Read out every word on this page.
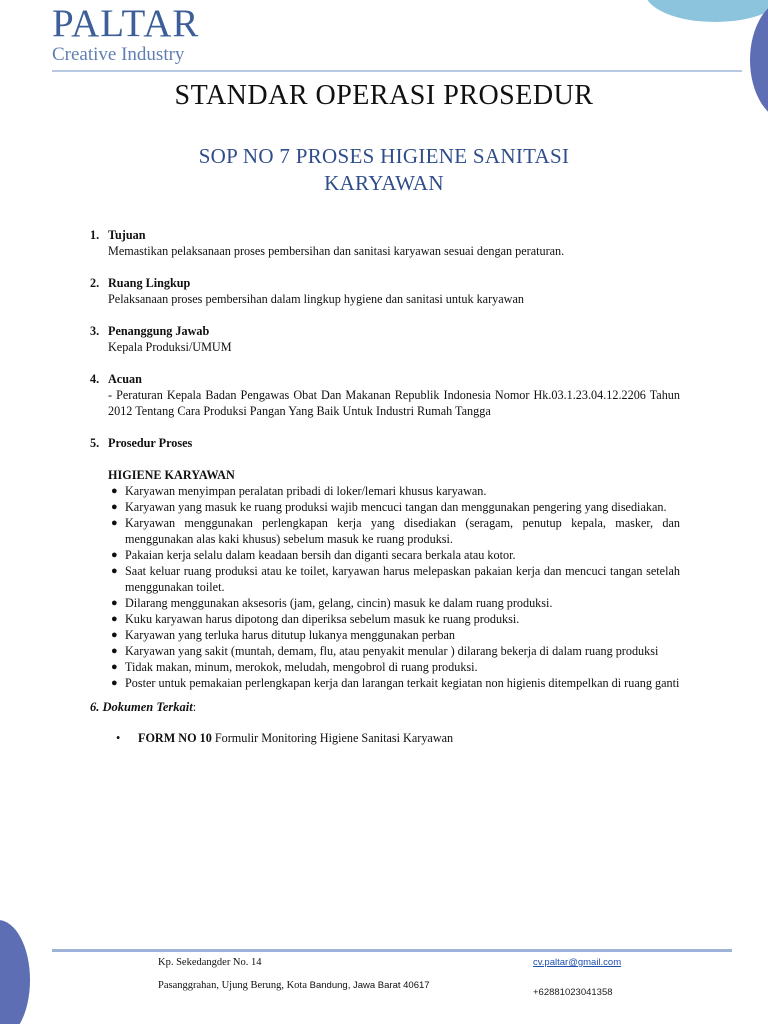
PALTAR
Creative Industry
STANDAR OPERASI PROSEDUR
SOP NO 7 PROSES HIGIENE SANITASI
KARYAWAN
1. Tujuan
Memastikan pelaksanaan proses pembersihan dan sanitasi karyawan sesuai dengan peraturan.
2. Ruang Lingkup
Pelaksanaan proses pembersihan dalam lingkup hygiene dan sanitasi untuk karyawan
3. Penanggung Jawab
Kepala Produksi/UMUM
4. Acuan
- Peraturan Kepala Badan Pengawas Obat Dan Makanan Republik Indonesia Nomor Hk.03.1.23.04.12.2206 Tahun 2012 Tentang Cara Produksi Pangan Yang Baik Untuk Industri Rumah Tangga
5. Prosedur Proses
HIGIENE KARYAWAN
● Karyawan menyimpan peralatan pribadi di loker/lemari khusus karyawan.
● Karyawan yang masuk ke ruang produksi wajib mencuci tangan dan menggunakan pengering yang disediakan.
● Karyawan menggunakan perlengkapan kerja yang disediakan (seragam, penutup kepala, masker, dan menggunakan alas kaki khusus) sebelum masuk ke ruang produksi.
● Pakaian kerja selalu dalam keadaan bersih dan diganti secara berkala atau kotor.
● Saat keluar ruang produksi atau ke toilet, karyawan harus melepaskan pakaian kerja dan mencuci tangan setelah menggunakan toilet.
● Dilarang menggunakan aksesoris (jam, gelang, cincin) masuk ke dalam ruang produksi.
● Kuku karyawan harus dipotong dan diperiksa sebelum masuk ke ruang produksi.
● Karyawan yang terluka harus ditutup lukanya menggunakan perban
● Karyawan yang sakit (muntah, demam, flu, atau penyakit menular ) dilarang bekerja di dalam ruang produksi
● Tidak makan, minum, merokok, meludah, mengobrol di ruang produksi.
● Poster untuk pemakaian perlengkapan kerja dan larangan terkait kegiatan non higienis ditempelkan di ruang ganti
6. Dokumen Terkait:
• FORM NO 10 Formulir Monitoring Higiene Sanitasi Karyawan
Kp. Sekedangder No. 14
Pasanggrahan, Ujung Berung, Kota Bandung, Jawa Barat 40617
cv.paltar@gmail.com
+62881023041358
